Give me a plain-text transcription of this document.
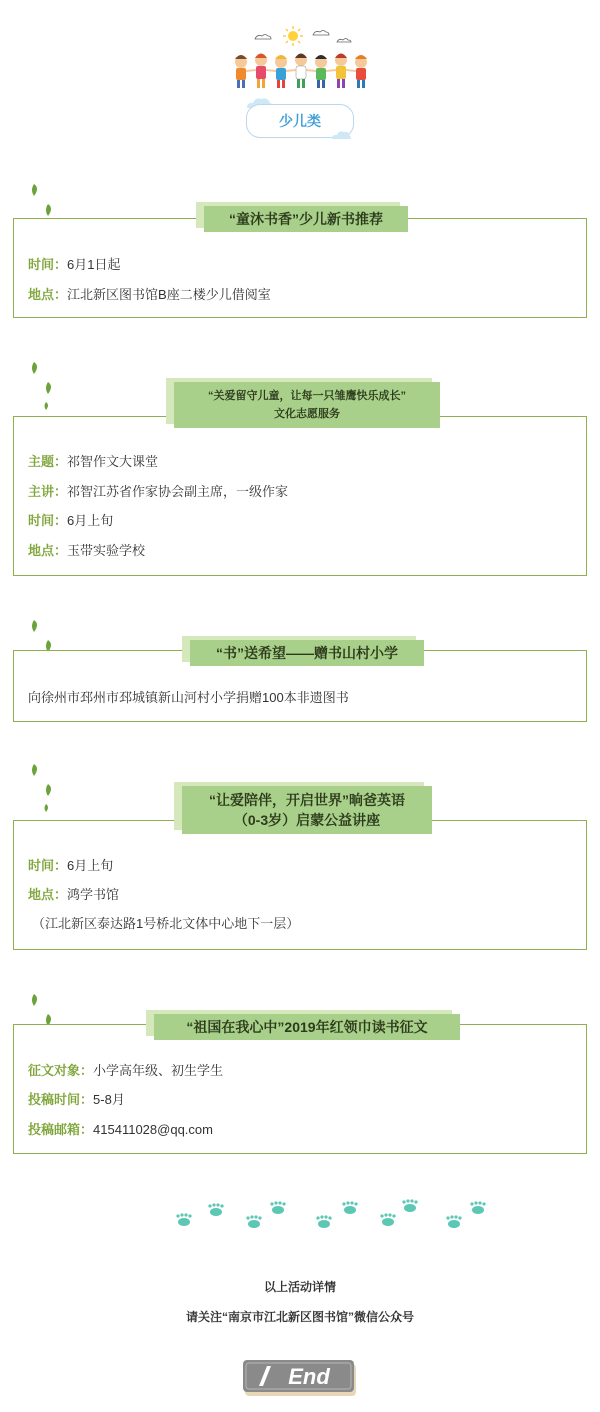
少儿类
时间：6月1日起
地点：江北新区图书馆B座二楼少儿借阅室
“童沐书香”少儿新书推荐
主题：祁智作文大课堂
主讲：祁智江苏省作家协会副主席，一级作家
时间：6月上旬
地点：玉带实验学校
“关爱留守儿童，让每一只雏鹰快乐成长”
文化志愿服务
向徐州市邳州市邳城镇新山河村小学捐赠100本非遗图书
“书”送希望——赠书山村小学
时间：6月上旬
地点：鸿学书馆
（江北新区泰达路1号桥北文体中心地下一层）
“让爱陪伴，开启世界”晌爸英语
（0-3岁）启蒙公益讲座
征文对象：小学高年级、初生学生
投稿时间：5-8月
投稿邮箱：415411028@qq.com
“祖国在我心中”2019年红领巾读书征文
以上活动详情
请关注“南京市江北新区图书馆”微信公众号
End
